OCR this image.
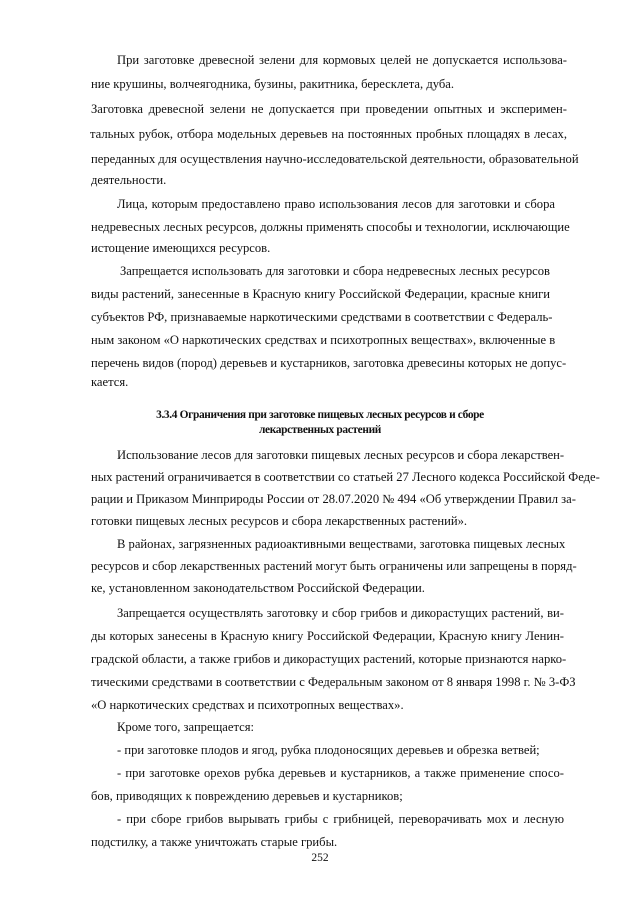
При заготовке древесной зелени для кормовых целей не допускается использова-
ние крушины, волчеягодника, бузины, ракитника, бересклета, дуба.
Заготовка древесной зелени не допускается при проведении опытных и эксперимен-
тальных рубок, отбора модельных деревьев на постоянных пробных площадях в лесах,
переданных для осуществления научно-исследовательской деятельности, образовательной
деятельности.
Лица, которым предоставлено право использования лесов для заготовки и сбора
недревесных лесных ресурсов, должны применять способы и технологии, исключающие
истощение имеющихся ресурсов.
Запрещается использовать для заготовки и сбора недревесных лесных ресурсов
виды растений, занесенные в Красную книгу Российской Федерации, красные книги
субъектов РФ, признаваемые наркотическими средствами в соответствии с Федераль-
ным законом «О наркотических средствах и психотропных веществах», включенные в
перечень видов (пород) деревьев и кустарников, заготовка древесины которых не допус-
кается.
3.3.4 Ограничения при заготовке пищевых лесных ресурсов и сборе
лекарственных растений
Использование лесов для заготовки пищевых лесных ресурсов и сбора лекарствен-
ных растений ограничивается в соответствии со статьей 27 Лесного кодекса Российской Феде-
рации и Приказом Минприроды России от 28.07.2020 № 494 «Об утверждении Правил за-
готовки пищевых лесных ресурсов и сбора лекарственных растений».
В районах, загрязненных радиоактивными веществами, заготовка пищевых лесных
ресурсов и сбор лекарственных растений могут быть ограничены или запрещены в поряд-
ке, установленном законодательством Российской Федерации.
Запрещается осуществлять заготовку и сбор грибов и дикорастущих растений, ви-
ды которых занесены в Красную книгу Российской Федерации, Красную книгу Ленин-
градской области, а также грибов и дикорастущих растений, которые признаются нарко-
тическими средствами в соответствии с Федеральным законом от 8 января 1998 г. № 3-ФЗ
«О наркотических средствах и психотропных веществах».
Кроме того, запрещается:
- при заготовке плодов и ягод, рубка плодоносящих деревьев и обрезка ветвей;
- при заготовке орехов рубка деревьев и кустарников, а также применение спосо-
бов, приводящих к повреждению деревьев и кустарников;
- при сборе грибов вырывать грибы с грибницей, переворачивать мох и лесную
подстилку, а также уничтожать старые грибы.
252
